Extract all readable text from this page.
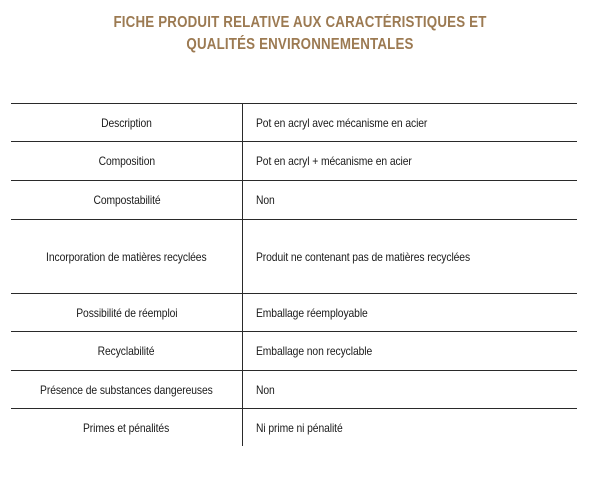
FICHE PRODUIT RELATIVE AUX CARACTÉRISTIQUES ET
QUALITÉS ENVIRONNEMENTALES
Description	Pot en acryl avec mécanisme en acier
Composition	Pot en acryl + mécanisme en acier
Compostabilité	Non
Incorporation de matières recyclées	Produit ne contenant pas de matières recyclées
Possibilité de réemploi	Emballage réemployable
Recyclabilité	Emballage non recyclable
Présence de substances dangereuses	Non
Primes et pénalités	Ni prime ni pénalité
